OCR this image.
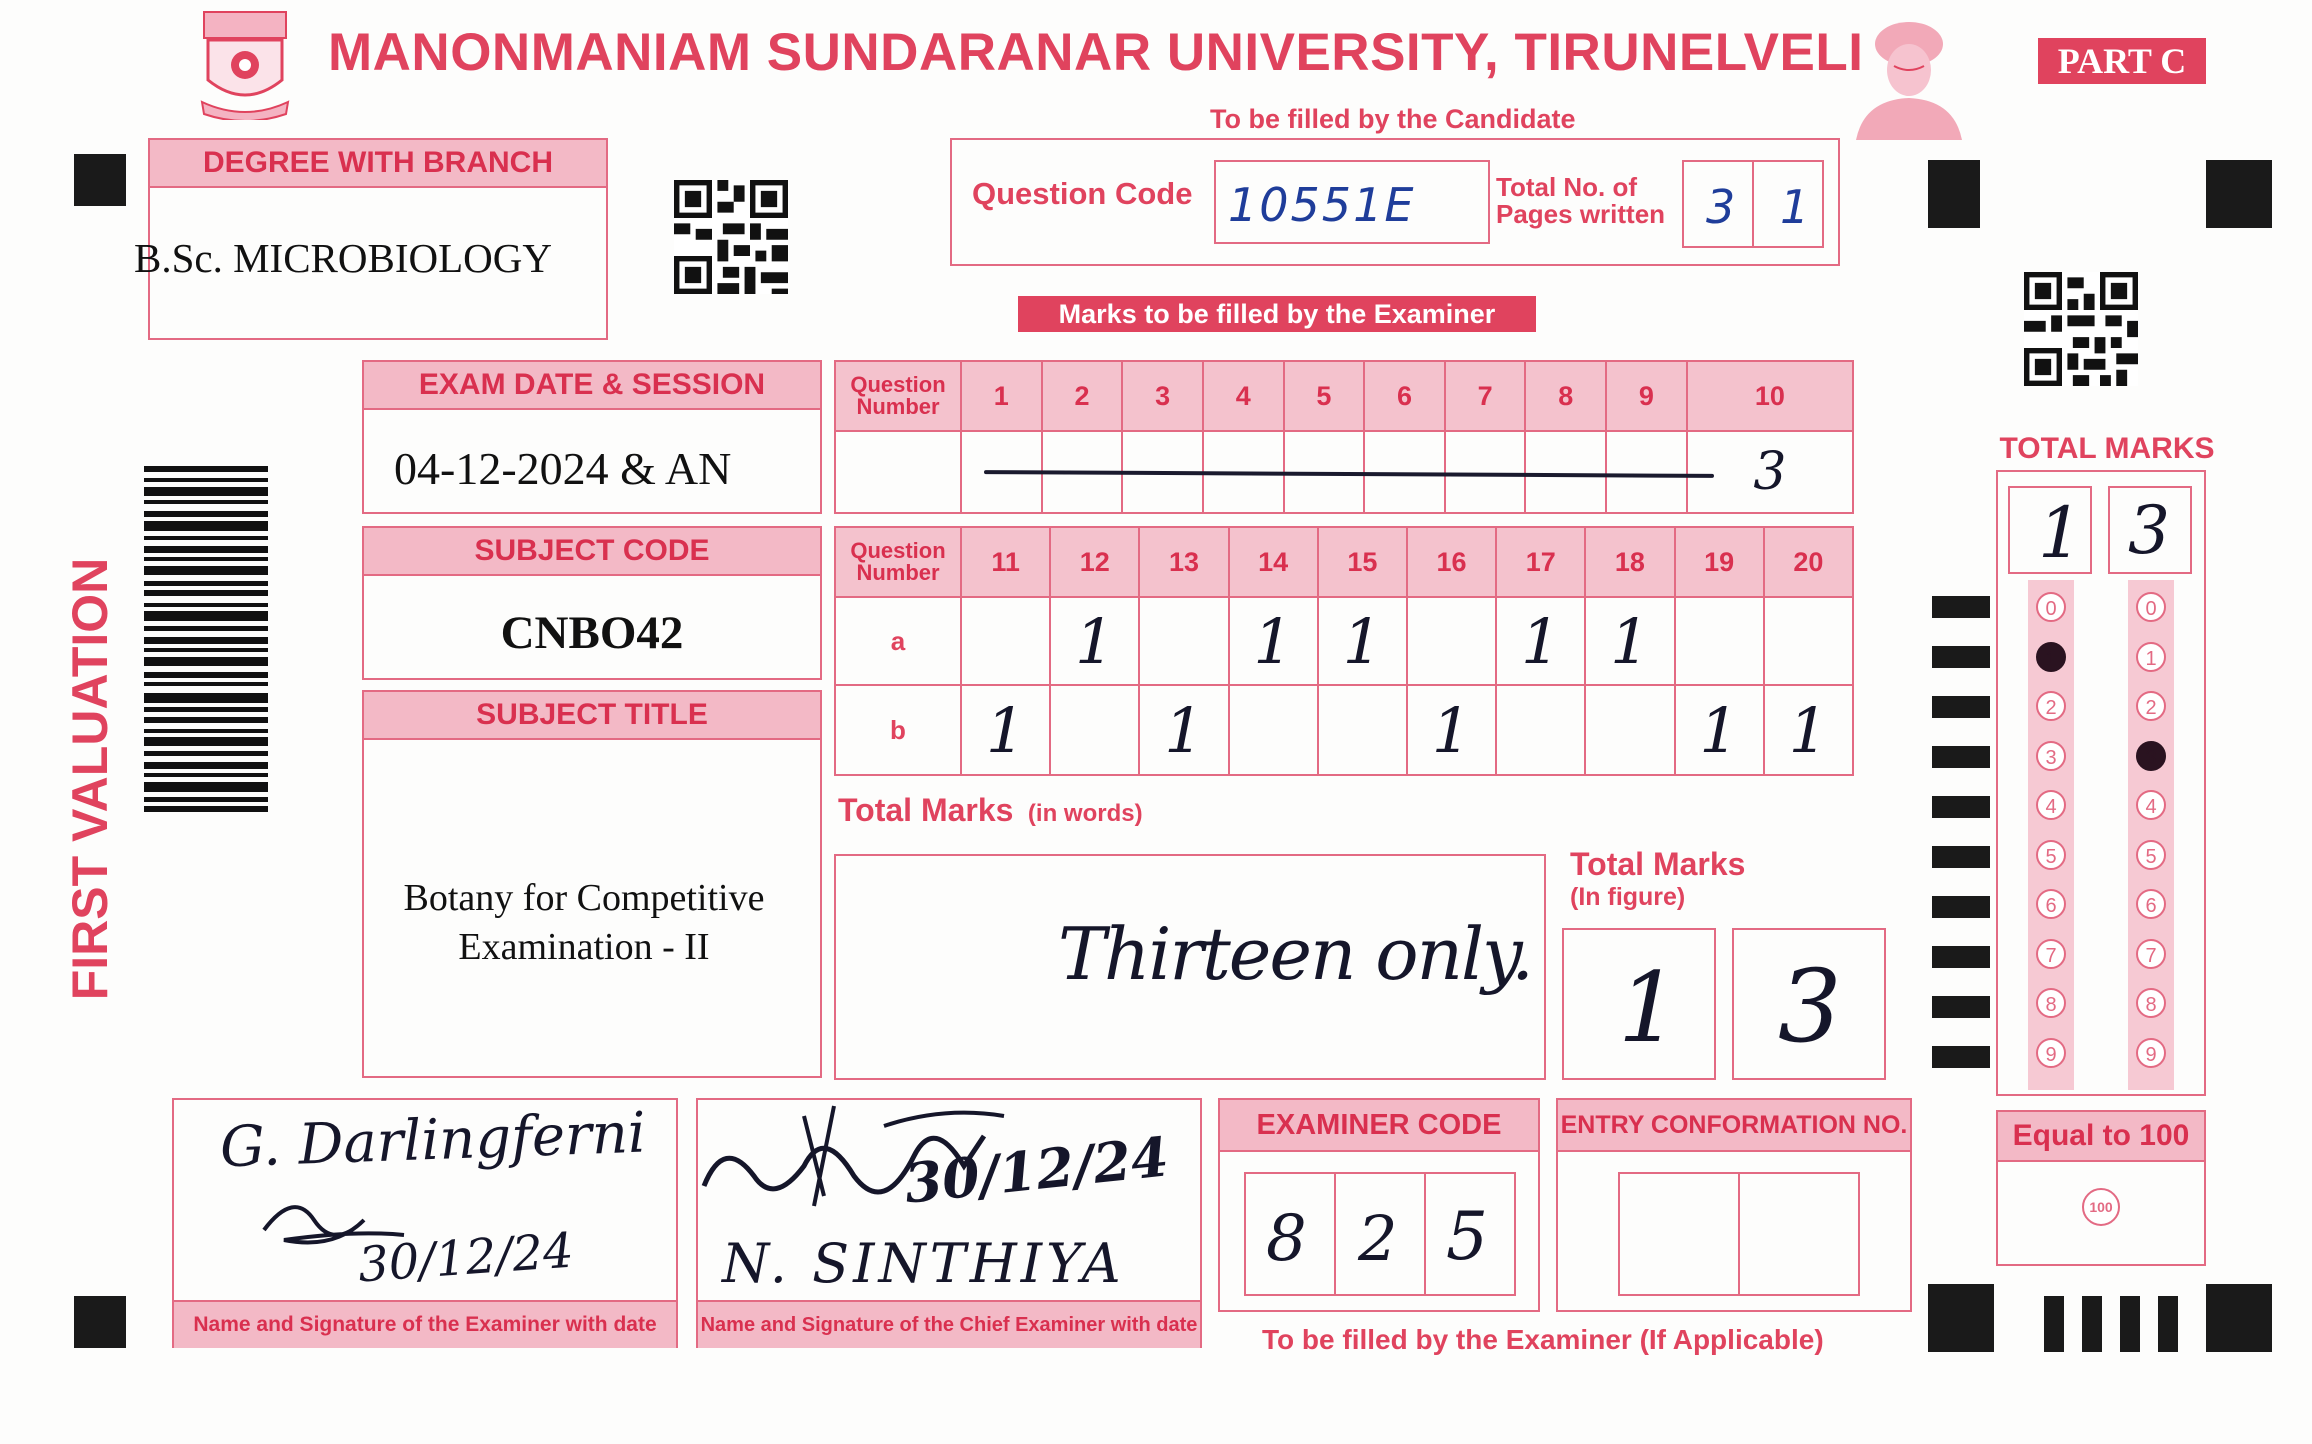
MANONMANIAM SUNDARANAR UNIVERSITY, TIRUNELVELI	PART C
To be filled by the Candidate
DEGREE WITH BRANCH
B.Sc. MICROBIOLOGY
Question Code 10551E	Total No. of
Pages written 3 1
Marks to be filled by the Examiner
FIRST VALUATION
EXAM DATE & SESSION
04-12-2024 & AN
SUBJECT CODE
CNBO42
SUBJECT TITLE
Botany for Competitive
Examination - II
Question
Number	1	2	3	4	5	6	7	8	9	10
										3
Question
Number	11	12	13	14	15	16	17	18	19	20
a		1		1	1		1	1		
b	1		1			1			1	1
Total Marks (in words)
Thirteen only.
Total Marks
(In figure)
1 3
TOTAL MARKS
1 3
0
1
2
3
4
5
6
7
8
9
0
1
2
3
4
5
6
7
8
9
Equal to 100
100
G. Darlingferni
30/12/24
Name and Signature of the Examiner with date
30/12/24
N. SINTHIYA
Name and Signature of the Chief Examiner with date
EXAMINER CODE
8 2 5
ENTRY CONFORMATION NO.
To be filled by the Examiner (If Applicable)
